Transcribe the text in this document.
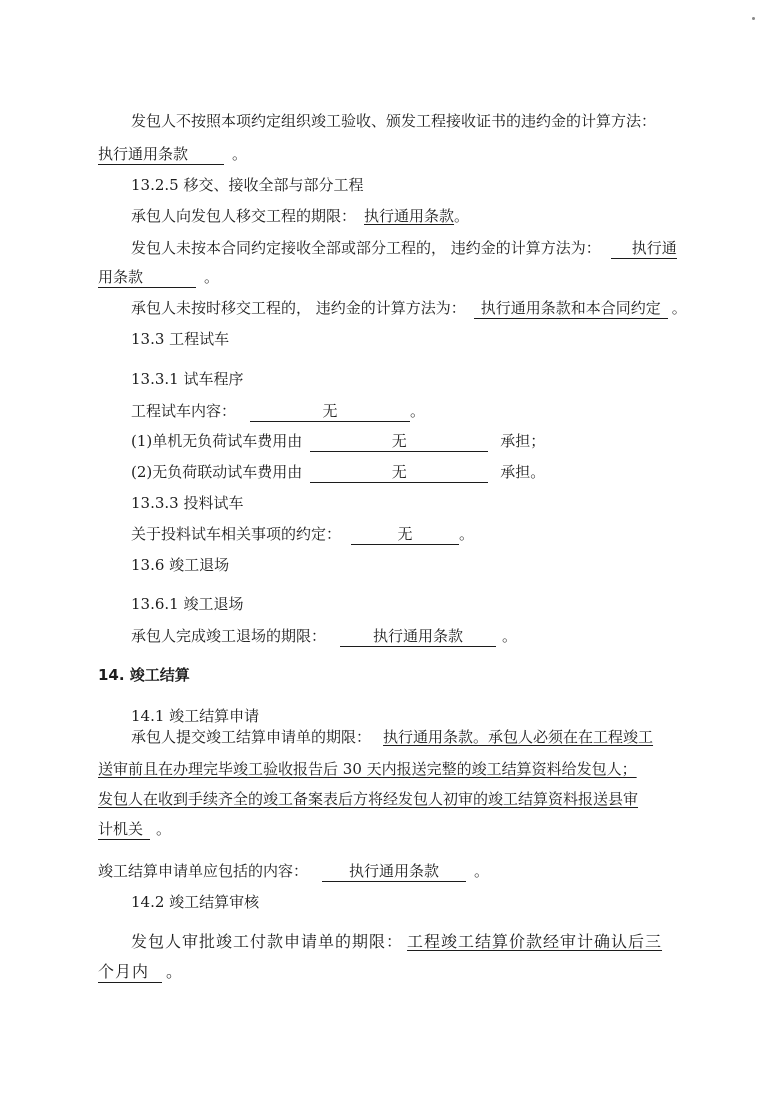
发包人不按照本项约定组织竣工验收、颁发工程接收证书的违约金的计算方法：
执行通用条款	。
13.2.5 移交、接收全部与部分工程
承包人向发包人移交工程的期限： 执行通用条款。
发包人未按本合同约定接收全部或部分工程的， 违约金的计算方法为： 执行通
用条款	。
承包人未按时移交工程的， 违约金的计算方法为： 执行通用条款和本合同约定 。
13.3 工程试车
13.3.1 试车程序
工程试车内容：	无	。
(1)单机无负荷试车费用由	无	承担；
(2)无负荷联动试车费用由	无	承担。
13.3.3 投料试车
关于投料试车相关事项的约定：	无	。
13.6 竣工退场
13.6.1 竣工退场
承包人完成竣工退场的期限：	执行通用条款	。
14. 竣工结算
14.1 竣工结算申请
承包人提交竣工结算申请单的期限： 执行通用条款。承包人必须在在工程竣工
送审前且在办理完毕竣工验收报告后 30 天内报送完整的竣工结算资料给发包人；
发包人在收到手续齐全的竣工备案表后方将经发包人初审的竣工结算资料报送县审
计机关 。
竣工结算申请单应包括的内容：	执行通用条款 。
14.2 竣工结算审核
发包人审批竣工付款申请单的期限： 工程竣工结算价款经审计确认后三
个月内 。
